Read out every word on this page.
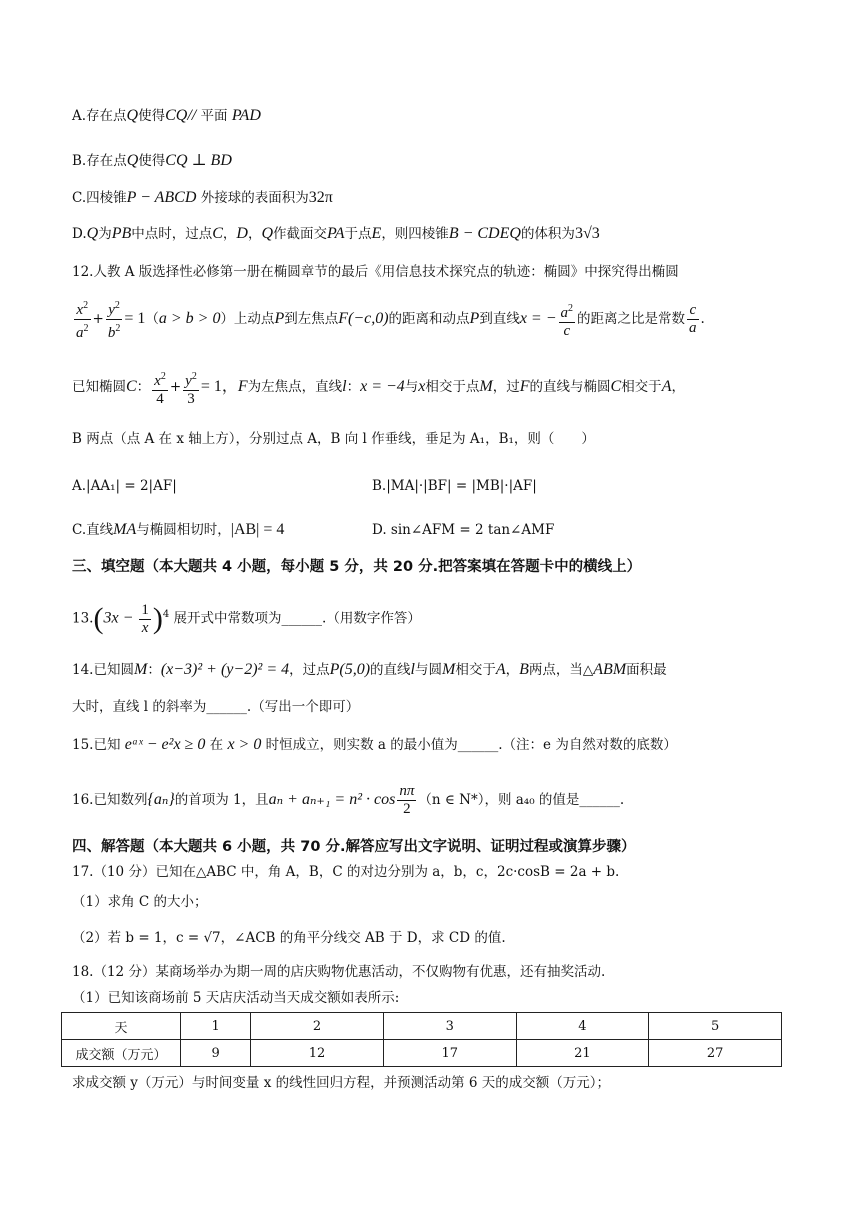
A.存在点Q使得CQ// 平面 PAD
B.存在点Q使得CQ ⊥ BD
C.四棱锥P − ABCD 外接球的表面积为32π
D.Q为PB中点时，过点C，D，Q作截面交PA于点E，则四棱锥B − CDEQ的体积为3√3
12.人教 A 版选择性必修第一册在椭圆章节的最后《用信息技术探究点的轨迹：椭圆》中探究得出椭圆
$\frac{x^2}{a^2} + \frac{y^2}{b^2} = 1(a > b > 0)$上动点P到左焦点F(−c,0)的距离和动点P到直线x = − $\frac{a^2}{c}$ 的距离之比是常数 $\frac{c}{a}$ .
已知椭圆C： $\frac{x^2}{4} + \frac{y^2}{3} = 1$，F为左焦点，直线l：x = −4与x相交于点M，过F的直线与椭圆C相交于A，
B 两点（点 A 在 x 轴上方），分别过点 A，B 向 l 作垂线，垂足为 A₁，B₁，则（　　）
A.|AA₁| = 2|AF|	B.|MA|·|BF| = |MB|·|AF|
C.直线MA与椭圆相切时，|AB| = 4	D. sin∠AFM = 2 tan∠AMF
三、填空题（本大题共 4 小题，每小题 5 分，共 20 分.把答案填在答题卡中的横线上）
$13.(3x - \frac{1}{x} )^4$ 展开式中常数项为______.（用数字作答）
14.已知圆M：(x−3)² + (y−2)² = 4，过点P(5,0)的直线l与圆M相交于A，B两点，当△ABM面积最
大时，直线 l 的斜率为______.（写出一个即可）
15.已知 eᵃˣ − e²x ≥ 0 在 x > 0 时恒成立，则实数 a 的最小值为______.（注：e 为自然对数的底数）
16.已知数列{aₙ}的首项为 1，且$a_n + a_{n+1} = n^2 \cdot \cos \frac{n\pi}{2} (n$ ∈ N*），则 a₄₀ 的值是______.
四、解答题（本大题共 6 小题，共 70 分.解答应写出文字说明、证明过程或演算步骤）
17.（10 分）已知在△ABC 中，角 A，B，C 的对边分别为 a，b，c，2c·cosB = 2a + b.
（1）求角 C 的大小；
（2）若 b = 1，c = √7，∠ACB 的角平分线交 AB 于 D，求 CD 的值.
18.（12 分）某商场举办为期一周的店庆购物优惠活动，不仅购物有优惠，还有抽奖活动.
（1）已知该商场前 5 天店庆活动当天成交额如表所示:
天	1	2	3	4	5
成交额（万元）	9	12	17	21	27
求成交额 y（万元）与时间变量 x 的线性回归方程，并预测活动第 6 天的成交额（万元）；
